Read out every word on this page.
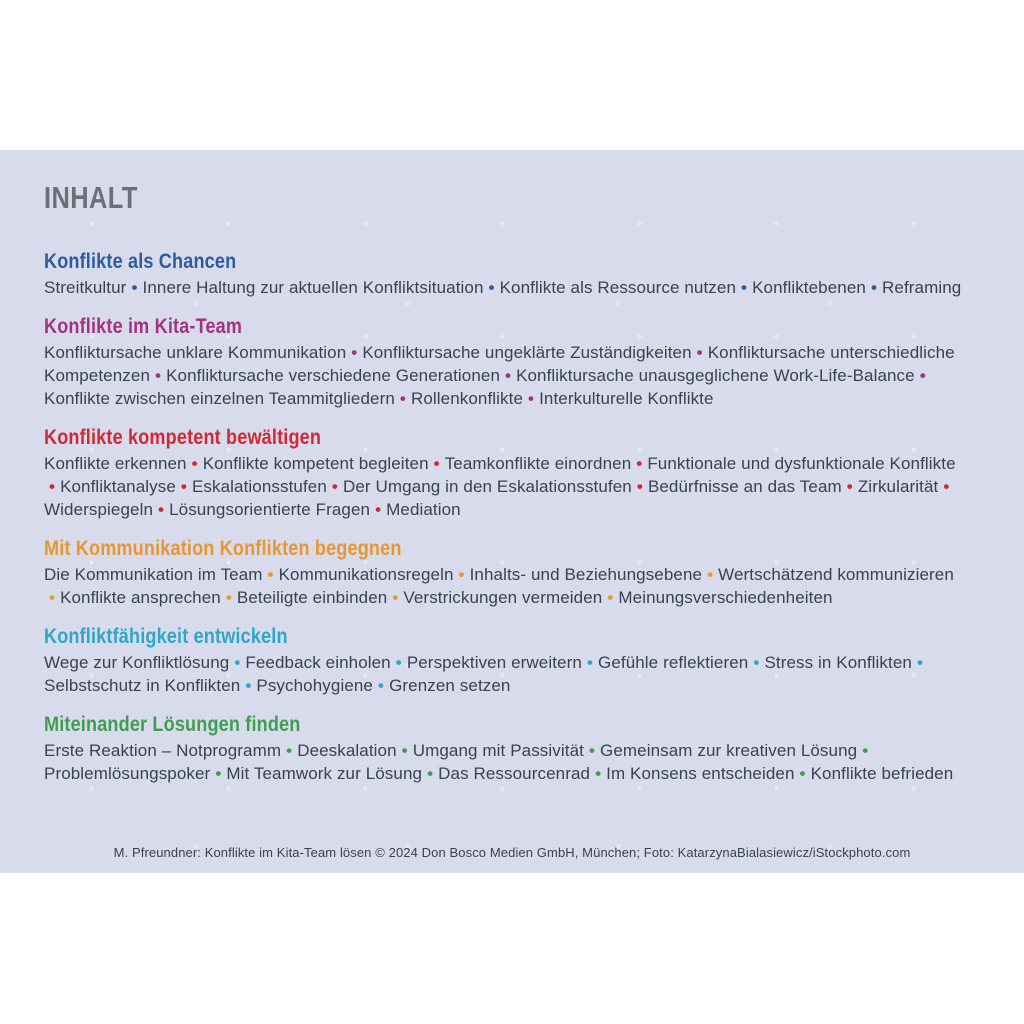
INHALT
Konflikte als Chancen

Streitkultur • Innere Haltung zur aktuellen Konfliktsituation • Konflikte als Ressource nutzen • Konfliktebenen • Reframing

Konflikte im Kita-Team

Konfliktursache unklare Kommunikation • Konfliktursache ungeklärte Zuständigkeiten • Konfliktursache unterschiedliche Kompetenzen • Konfliktursache verschiedene Generationen • Konfliktursache unausgeglichene Work-Life-Balance •Konflikte zwischen einzelnen Teammitgliedern • Rollenkonflikte • Interkulturelle Konflikte

Konflikte kompetent bewältigen

Konflikte erkennen • Konflikte kompetent begleiten • Teamkonflikte einordnen • Funktionale und dysfunktionale Konflikte• Konfliktanalyse • Eskalationsstufen • Der Umgang in den Eskalationsstufen • Bedürfnisse an das Team • Zirkularität •Widerspiegeln • Lösungsorientierte Fragen • Mediation

Mit Kommunikation Konflikten begegnen

Die Kommunikation im Team • Kommunikationsregeln • Inhalts- und Beziehungsebene • Wertschätzend kommunizieren• Konflikte ansprechen • Beteiligte einbinden • Verstrickungen vermeiden • Meinungsverschiedenheiten

Konfliktfähigkeit entwickeln

Wege zur Konfliktlösung • Feedback einholen • Perspektiven erweitern • Gefühle reflektieren • Stress in Konflikten •Selbstschutz in Konflikten • Psychohygiene • Grenzen setzen

Miteinander Lösungen finden

Erste Reaktion – Notprogramm • Deeskalation • Umgang mit Passivität • Gemeinsam zur kreativen Lösung •Problemlösungspoker • Mit Teamwork zur Lösung • Das Ressourcenrad • Im Konsens entscheiden • Konflikte befrieden

M. Pfreundner: Konflikte im Kita-Team lösen © 2024 Don Bosco Medien GmbH, München; Foto: KatarzynaBialasiewicz/iStockphoto.com
